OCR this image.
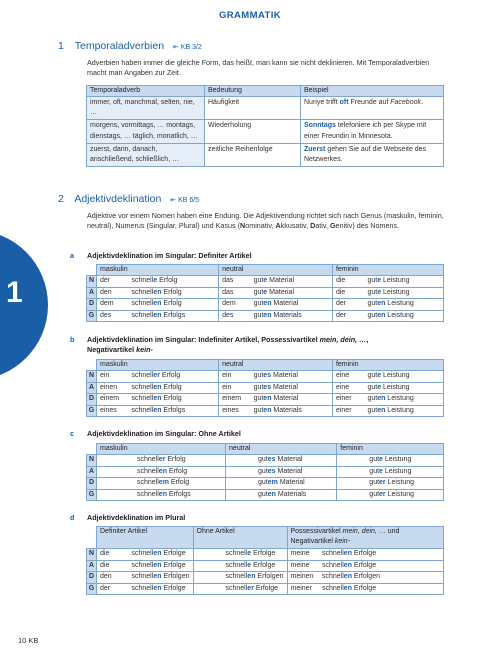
1
GRAMMATIK
1 Temporaladverbien ⇤ KB 3/2
Adverbien haben immer die gleiche Form, das heißt, man kann sie nicht deklinieren. Mit Temporaladverbien macht man Angaben zur Zeit.
Temporaladverb	Bedeutung	Beispiel
immer, oft, manchmal, selten, nie, …	Häufigkeit	Nuriye trifft oft Freunde auf Facebook.
morgens, vormittags, … montags, dienstags, … täglich, monatlich, …	Wiederholung	Sonntags telefoniere ich per Skype mit einer Freundin in Minnesota.
zuerst, dann, danach, anschließend, schließlich, …	zeitliche Reihenfolge	Zuerst gehen Sie auf die Webseite des Netzwerkes.
2 Adjektivdeklination ⇤ KB 6/5
Adjektive vor einem Nomen haben eine Endung. Die Adjektivendung richtet sich nach Genus (maskulin, feminin, neutral), Numerus (Singular, Plural) und Kasus (Nominativ, Akkusativ, Dativ, Genitiv) des Nomens.
a Adjektivdeklination im Singular: Definiter Artikel
	maskulin		neutral		feminin	
N	der	schnelle Erfolg	das	gute Material	die	gute Leistung
A	den	schnellen Erfolg	das	gute Material	die	gute Leistung
D	dem	schnellen Erfolg	dem	guten Material	der	guten Leistung
G	des	schnellen Erfolgs	des	guten Materials	der	guten Leistung
b Adjektivdeklination im Singular: Indefiniter Artikel, Possessivartikel mein, dein, …,
Negativartikel kein-
	maskulin		neutral		feminin	
N	ein	schneller Erfolg	ein	gutes Material	eine	gute Leistung
A	einen	schnellen Erfolg	ein	gutes Material	eine	gute Leistung
D	einem	schnellen Erfolg	einem	guten Material	einer	guten Leistung
G	eines	schnellen Erfolgs	eines	guten Materials	einer	guten Leistung
c Adjektivdeklination im Singular: Ohne Artikel
	maskulin	neutral	feminin
N	schneller Erfolg	gutes Material	gute Leistung
A	schnellen Erfolg	gutes Material	gute Leistung
D	schnellem Erfolg	gutem Material	guter Leistung
G	schnellen Erfolgs	guten Materials	guter Leistung
d Adjektivdeklination im Plural
	Definiter Artikel		Ohne Artikel	Possessivartikel mein, dein, … und Negativartikel kein-	
N	die	schnellen Erfolge	schnelle Erfolge	meine	schnellen Erfolge
A	die	schnellen Erfolge	schnelle Erfolge	meine	schnellen Erfolge
D	den	schnellen Erfolgen	schnellen Erfolgen	meinen	schnellen Erfolgen
G	der	schnellen Erfolge	schneller Erfolge	meiner	schnellen Erfolge
10 KB
